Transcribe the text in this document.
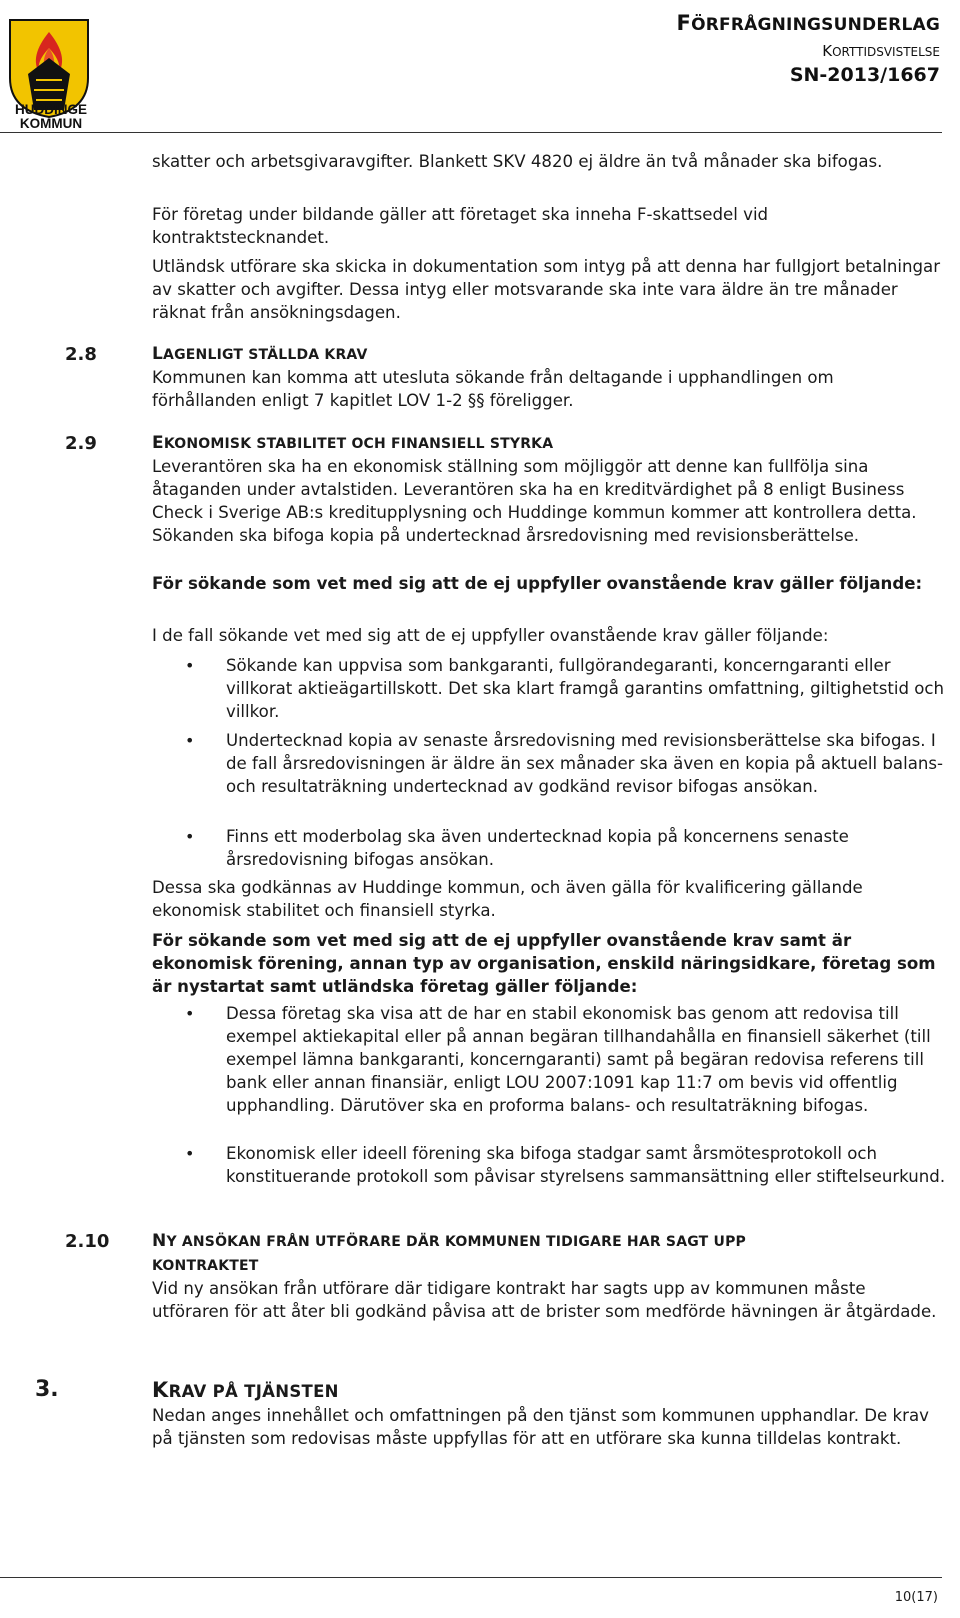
HUDDINGE
KOMMUN
FÖRFRÅGNINGSUNDERLAG
KORTTIDSVISTELSE
SN-2013/1667

skatter och arbetsgivaravgifter. Blankett SKV 4820 ej äldre än två månader ska bifogas.

För företag under bildande gäller att företaget ska inneha F-skattsedel vid kontraktstecknandet.

Utländsk utförare ska skicka in dokumentation som intyg på att denna har fullgjort betalningar av skatter och avgifter. Dessa intyg eller motsvarande ska inte vara äldre än tre månader räknat från ansökningsdagen.

2.8	LAGENLIGT STÄLLDA KRAV

Kommunen kan komma att utesluta sökande från deltagande i upphandlingen om förhållanden enligt 7 kapitlet LOV 1-2 §§ föreligger.

2.9	EKONOMISK STABILITET OCH FINANSIELL STYRKA

Leverantören ska ha en ekonomisk ställning som möjliggör att denne kan fullfölja sina åtaganden under avtalstiden. Leverantören ska ha en kreditvärdighet på 8 enligt Business Check i Sverige AB:s kreditupplysning och Huddinge kommun kommer att kontrollera detta. Sökanden ska bifoga kopia på undertecknad årsredovisning med revisionsberättelse.

För sökande som vet med sig att de ej uppfyller ovanstående krav gäller följande:

I de fall sökande vet med sig att de ej uppfyller ovanstående krav gäller följande:

• Sökande kan uppvisa som bankgaranti, fullgörandegaranti, koncerngaranti eller villkorat aktieägartillskott. Det ska klart framgå garantins omfattning, giltighetstid och villkor.

• Undertecknad kopia av senaste årsredovisning med revisionsberättelse ska bifogas. I de fall årsredovisningen är äldre än sex månader ska även en kopia på aktuell balans- och resultaträkning undertecknad av godkänd revisor bifogas ansökan.

• Finns ett moderbolag ska även undertecknad kopia på koncernens senaste årsredovisning bifogas ansökan.

Dessa ska godkännas av Huddinge kommun, och även gälla för kvalificering gällande ekonomisk stabilitet och finansiell styrka.

För sökande som vet med sig att de ej uppfyller ovanstående krav samt är ekonomisk förening, annan typ av organisation, enskild näringsidkare, företag som är nystartat samt utländska företag gäller följande:

• Dessa företag ska visa att de har en stabil ekonomisk bas genom att redovisa till exempel aktiekapital eller på annan begäran tillhandahålla en finansiell säkerhet (till exempel lämna bankgaranti, koncerngaranti) samt på begäran redovisa referens till bank eller annan finansiär, enligt LOU 2007:1091 kap 11:7 om bevis vid offentlig upphandling. Därutöver ska en proforma balans- och resultaträkning bifogas.

• Ekonomisk eller ideell förening ska bifoga stadgar samt årsmötesprotokoll och konstituerande protokoll som påvisar styrelsens sammansättning eller stiftelseurkund.

2.10	NY ANSÖKAN FRÅN UTFÖRARE DÄR KOMMUNEN TIDIGARE HAR SAGT UPP
KONTRAKTET

Vid ny ansökan från utförare där tidigare kontrakt har sagts upp av kommunen måste utföraren för att åter bli godkänd påvisa att de brister som medförde hävningen är åtgärdade.

3.	KRAV PÅ TJÄNSTEN

Nedan anges innehållet och omfattningen på den tjänst som kommunen upphandlar. De krav på tjänsten som redovisas måste uppfyllas för att en utförare ska kunna tilldelas kontrakt.

10(17)
